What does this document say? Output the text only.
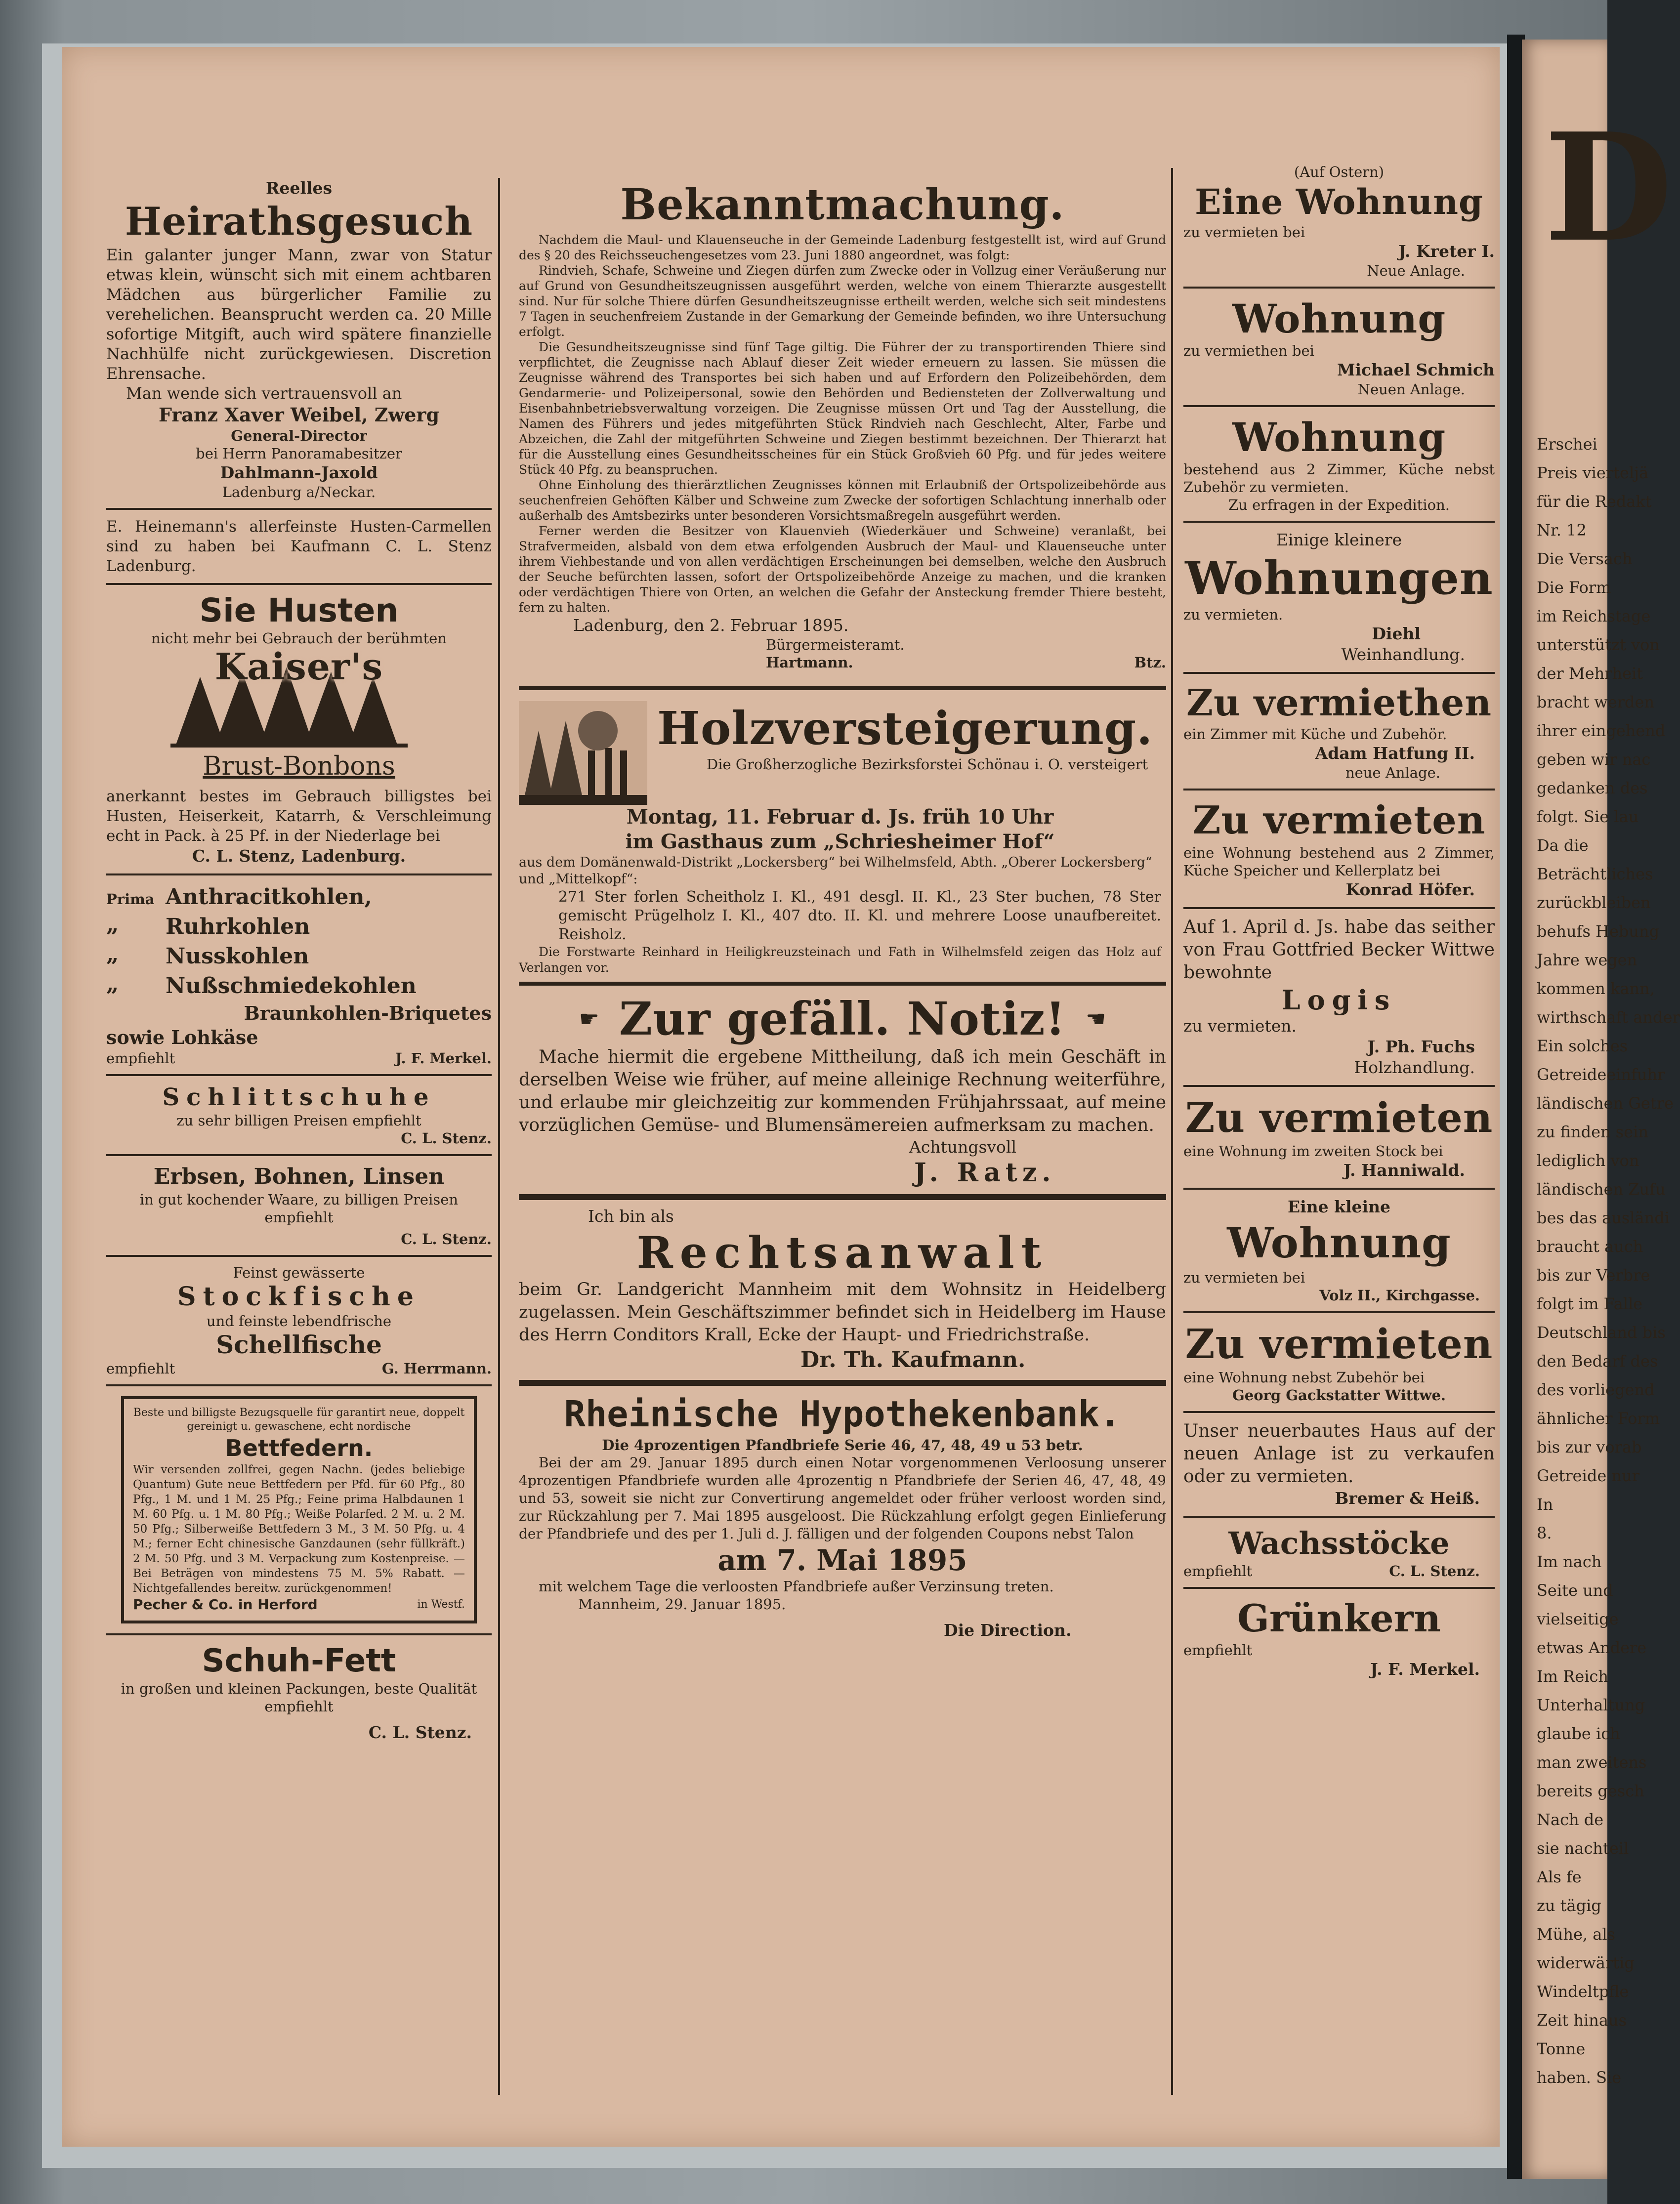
D
Erschei
Preis vierteljä
für die Redakt
Nr. 12
Die Versach
Die Form
im Reichstage
unterstützt von
der Mehrheit
bracht werden
ihrer eingehend
geben wir nac
gedanken des
folgt. Sie lau
Da die
Beträchtliches
zurückbleiben
behufs Hebung
Jahre wegen
kommen kann,
wirthschaft ander
Ein solches
Getreideeinfuhr
ländischen Getre
zu finden sein
lediglich von
ländischen Zufu
bes das ausländi
braucht auch
bis zur Verbre
folgt im Falle
Deutschland bis
den Bedarf des
des vorliegend
ähnlicher Form
bis zur vorab
Getreide nur
In
8.
Im nach
Seite und
vielseitige
etwas Andere
Im Reich
Unterhaltung
glaube ich
man zweitens
bereits gesch
Nach de
sie nachteil
Als fe
zu tägig
Mühe, als
widerwärtig
Windeltpfle
Zeit hinaus
Tonne
haben. Sie

Reelles

Heirathsgesuch

Ein galanter junger Mann, zwar von Statur etwas klein, wünscht sich mit einem achtbaren Mädchen aus bürgerlicher Familie zu verehelichen. Beansprucht werden ca. 20 Mille sofortige Mitgift, auch wird spätere finanzielle Nachhülfe nicht zurückgewiesen. Discretion Ehrensache.

Man wende sich vertrauensvoll an

Franz Xaver Weibel, Zwerg

General-Director

bei Herrn Panoramabesitzer

Dahlmann-Jaxold

Ladenburg a/Neckar.

E. Heinemann's allerfeinste Husten-Carmellen sind zu haben bei Kaufmann C. L. Stenz Ladenburg.

Sie Husten

nicht mehr bei Gebrauch der berühmten

Kaiser's

Brust-Bonbons

anerkannt bestes im Gebrauch billigstes bei Husten, Heiserkeit, Katarrh, & Verschleimung echt in Pack. à 25 Pf. in der Niederlage bei

C. L. Stenz, Ladenburg.

Prima Anthracitkohlen,
„	Ruhrkohlen
„	Nusskohlen
„	Nußschmiedekohlen

Braunkohlen-Briquetes

sowie Lohkäse

empfiehlt	J. F. Merkel.

Schlittschuhe

zu sehr billigen Preisen empfiehlt

C. L. Stenz.

Erbsen, Bohnen, Linsen

in gut kochender Waare, zu billigen Preisen empfiehlt

C. L. Stenz.

Feinst gewässerte

Stockfische

und feinste lebendfrische

Schellfische

empfiehlt	G. Herrmann.

Beste und billigste Bezugsquelle für garantirt neue, doppelt gereinigt u. gewaschene, echt nordische

Bettfedern.

Wir versenden zollfrei, gegen Nachn. (jedes beliebige Quantum) Gute neue Bettfedern per Pfd. für 60 Pfg., 80 Pfg., 1 M. und 1 M. 25 Pfg.; Feine prima Halbdaunen 1 M. 60 Pfg. u. 1 M. 80 Pfg.; Weiße Polarfed. 2 M. u. 2 M. 50 Pfg.; Silberweiße Bettfedern 3 M., 3 M. 50 Pfg. u. 4 M.; ferner Echt chinesische Ganzdaunen (sehr füllkräft.) 2 M. 50 Pfg. und 3 M. Verpackung zum Kostenpreise. — Bei Beträgen von mindestens 75 M. 5% Rabatt. — Nichtgefallendes bereitw. zurückgenommen!

Pecher & Co. in Herford	in Westf.

Schuh-Fett

in großen und kleinen Packungen, beste Qualität empfiehlt

C. L. Stenz.

Bekanntmachung.

Nachdem die Maul- und Klauenseuche in der Gemeinde Ladenburg festgestellt ist, wird auf Grund des § 20 des Reichsseuchengesetzes vom 23. Juni 1880 angeordnet, was folgt:

Rindvieh, Schafe, Schweine und Ziegen dürfen zum Zwecke oder in Vollzug einer Veräußerung nur auf Grund von Gesundheitszeugnissen ausgeführt werden, welche von einem Thierarzte ausgestellt sind. Nur für solche Thiere dürfen Gesundheitszeugnisse ertheilt werden, welche sich seit mindestens 7 Tagen in seuchenfreiem Zustande in der Gemarkung der Gemeinde befinden, wo ihre Untersuchung erfolgt.

Die Gesundheitszeugnisse sind fünf Tage giltig. Die Führer der zu transportirenden Thiere sind verpflichtet, die Zeugnisse nach Ablauf dieser Zeit wieder erneuern zu lassen. Sie müssen die Zeugnisse während des Transportes bei sich haben und auf Erfordern den Polizeibehörden, dem Gendarmerie- und Polizeipersonal, sowie den Behörden und Bediensteten der Zollverwaltung und Eisenbahnbetriebsverwaltung vorzeigen. Die Zeugnisse müssen Ort und Tag der Ausstellung, die Namen des Führers und jedes mitgeführten Stück Rindvieh nach Geschlecht, Alter, Farbe und Abzeichen, die Zahl der mitgeführten Schweine und Ziegen bestimmt bezeichnen. Der Thierarzt hat für die Ausstellung eines Gesundheitsscheines für ein Stück Großvieh 60 Pfg. und für jedes weitere Stück 40 Pfg. zu beanspruchen.

Ohne Einholung des thierärztlichen Zeugnisses können mit Erlaubniß der Ortspolizeibehörde aus seuchenfreien Gehöften Kälber und Schweine zum Zwecke der sofortigen Schlachtung innerhalb oder außerhalb des Amtsbezirks unter besonderen Vorsichtsmaßregeln ausgeführt werden.

Ferner werden die Besitzer von Klauenvieh (Wiederkäuer und Schweine) veranlaßt, bei Strafvermeiden, alsbald von dem etwa erfolgenden Ausbruch der Maul- und Klauenseuche unter ihrem Viehbestande und von allen verdächtigen Erscheinungen bei demselben, welche den Ausbruch der Seuche befürchten lassen, sofort der Ortspolizeibehörde Anzeige zu machen, und die kranken oder verdächtigen Thiere von Orten, an welchen die Gefahr der Ansteckung fremder Thiere besteht, fern zu halten.

Ladenburg, den 2. Februar 1895.

Bürgermeisteramt.

Hartmann.	Btz.

Holzversteigerung.

Die Großherzogliche Bezirksforstei Schönau i. O. versteigert

Montag, 11. Februar d. Js. früh 10 Uhr

im Gasthaus zum „Schriesheimer Hof“

aus dem Domänenwald-Distrikt „Lockersberg“ bei Wilhelmsfeld, Abth. „Oberer Lockersberg“ und „Mittelkopf“:

271 Ster forlen Scheitholz I. Kl., 491 desgl. II. Kl., 23 Ster buchen, 78 Ster gemischt Prügelholz I. Kl., 407 dto. II. Kl. und mehrere Loose unaufbereitet. Reisholz.

Die Forstwarte Reinhard in Heiligkreuzsteinach und Fath in Wilhelmsfeld zeigen das Holz auf Verlangen vor.

☛ Zur gefäll. Notiz! ☚

Mache hiermit die ergebene Mittheilung, daß ich mein Geschäft in derselben Weise wie früher, auf meine alleinige Rechnung weiterführe, und erlaube mir gleichzeitig zur kommenden Frühjahrssaat, auf meine vorzüglichen Gemüse- und Blumensämereien aufmerksam zu machen.

Achtungsvoll

J. Ratz.

Ich bin als

Rechtsanwalt

beim Gr. Landgericht Mannheim mit dem Wohnsitz in Heidelberg zugelassen. Mein Geschäftszimmer befindet sich in Heidelberg im Hause des Herrn Conditors Krall, Ecke der Haupt- und Friedrichstraße.

Dr. Th. Kaufmann.

Rheinische Hypothekenbank.

Die 4prozentigen Pfandbriefe Serie 46, 47, 48, 49 u 53 betr.

Bei der am 29. Januar 1895 durch einen Notar vorgenommenen Verloosung unserer 4prozentigen Pfandbriefe wurden alle 4prozentig n Pfandbriefe der Serien 46, 47, 48, 49 und 53, soweit sie nicht zur Convertirung angemeldet oder früher verloost worden sind, zur Rückzahlung per 7. Mai 1895 ausgeloost. Die Rückzahlung erfolgt gegen Einlieferung der Pfandbriefe und des per 1. Juli d. J. fälligen und der folgenden Coupons nebst Talon

am 7. Mai 1895

mit welchem Tage die verloosten Pfandbriefe außer Verzinsung treten.

Mannheim, 29. Januar 1895.

Die Direction.

(Auf Ostern)

Eine Wohnung

zu vermieten bei

J. Kreter I.

Neue Anlage.

Wohnung

zu vermiethen bei

Michael Schmich

Neuen Anlage.

Wohnung

bestehend aus 2 Zimmer, Küche nebst Zubehör zu vermieten.

Zu erfragen in der Expedition.

Einige kleinere

Wohnungen

zu vermieten.

Diehl

Weinhandlung.

Zu vermiethen

ein Zimmer mit Küche und Zubehör.

Adam Hatfung II.

neue Anlage.

Zu vermieten

eine Wohnung bestehend aus 2 Zimmer, Küche Speicher und Kellerplatz bei

Konrad Höfer.

Auf 1. April d. Js. habe das seither von Frau Gottfried Becker Wittwe bewohnte

Logis

zu vermieten.

J. Ph. Fuchs

Holzhandlung.

Zu vermieten

eine Wohnung im zweiten Stock bei

J. Hanniwald.

Eine kleine

Wohnung

zu vermieten bei

Volz II., Kirchgasse.

Zu vermieten

eine Wohnung nebst Zubehör bei

Georg Gackstatter Wittwe.

Unser neuerbautes Haus auf der neuen Anlage ist zu verkaufen oder zu vermieten.

Bremer & Heiß.

Wachsstöcke

empfiehlt	C. L. Stenz.

Grünkern

empfiehlt

J. F. Merkel.
